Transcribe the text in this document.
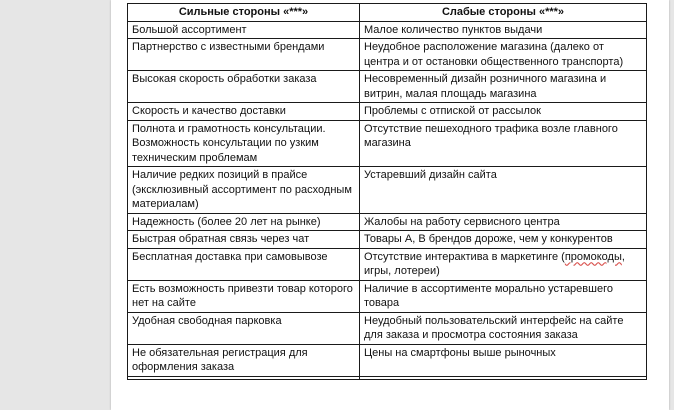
Сильные стороны «***»	Слабые стороны «***»
Большой ассортимент	Малое количество пунктов выдачи
Партнерство с известными брендами	Неудобное расположение магазина (далеко от центра и от остановки общественного транспорта)
Высокая скорость обработки заказа	Несовременный дизайн розничного магазина и витрин, малая площадь магазина
Скорость и качество доставки	Проблемы с отпиской от рассылок
Полнота и грамотность консультации. Возможность консультации по узким техническим проблемам	Отсутствие пешеходного трафика возле главного магазина
Наличие редких позиций в прайсе (эксклюзивный ассортимент по расходным материалам)	Устаревший дизайн сайта
Надежность (более 20 лет на рынке)	Жалобы на работу сервисного центра
Быстрая обратная связь через чат	Товары А, В брендов дороже, чем у конкурентов
Бесплатная доставка при самовывозе	Отсутствие интерактива в маркетинге (промокоды, игры, лотереи)
Есть возможность привезти товар которого нет на сайте	Наличие в ассортименте морально устаревшего товара
Удобная свободная парковка	Неудобный пользовательский интерфейс на сайте для заказа и просмотра состояния заказа
Не обязательная регистрация для оформления заказа	Цены на смартфоны выше рыночных
